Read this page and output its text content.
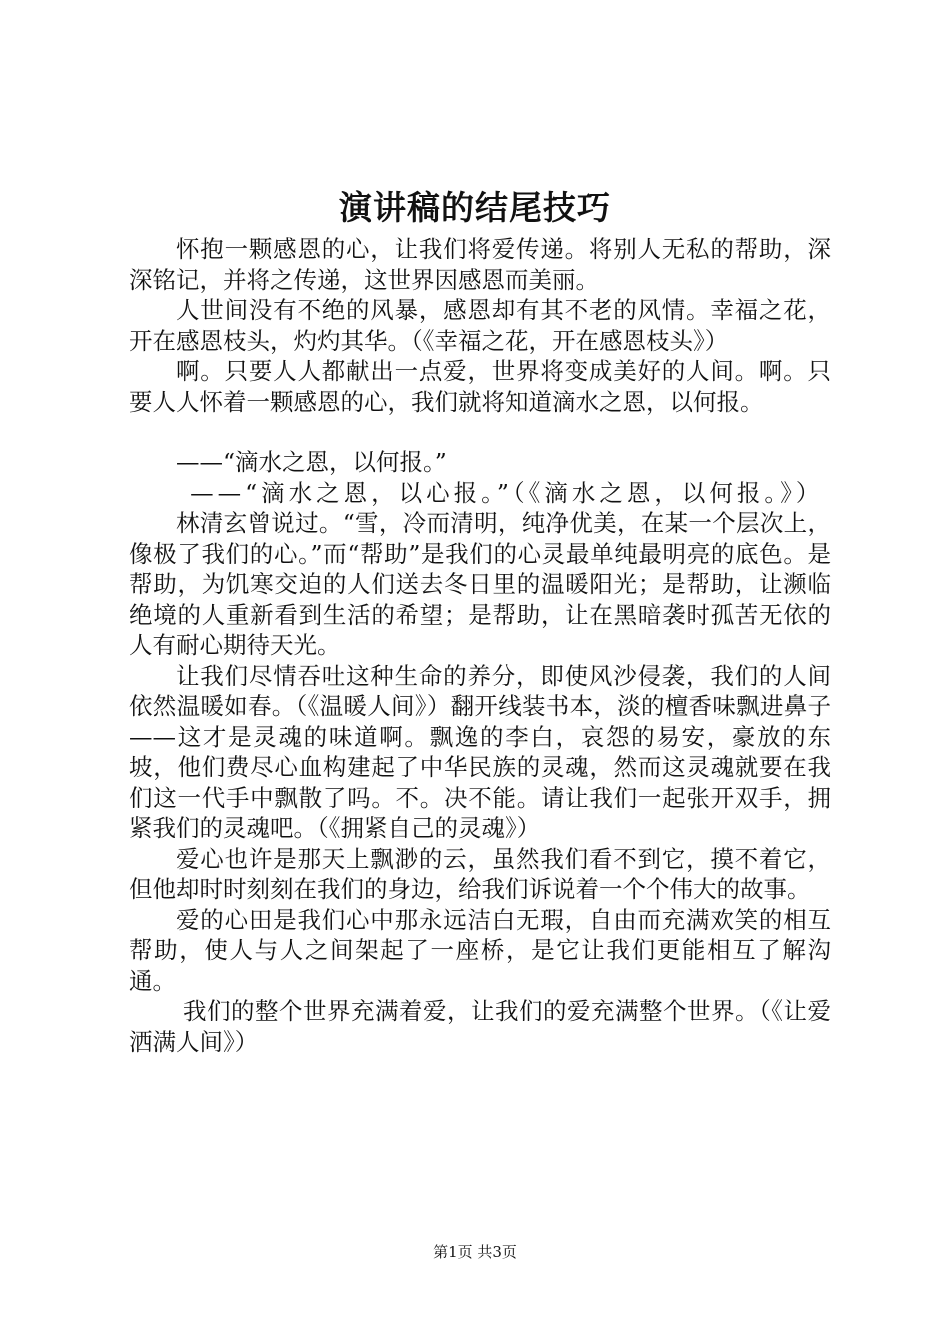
演讲稿的结尾技巧

怀抱一颗感恩的心，让我们将爱传递。将别人无私的帮助，深深铭记，并将之传递，这世界因感恩而美丽。

人世间没有不绝的风暴，感恩却有其不老的风情。幸福之花，开在感恩枝头，灼灼其华。（《幸福之花，开在感恩枝头》）

啊。只要人人都献出一点爱，世界将变成美好的人间。啊。只要人人怀着一颗感恩的心，我们就将知道滴水之恩，以何报。

——“滴水之恩，以何报。”

——“滴水之恩，以心报。”（《滴水之恩，以何报。》）

林清玄曾说过。“雪，冷而清明，纯净优美，在某一个层次上，像极了我们的心。”而“帮助”是我们的心灵最单纯最明亮的底色。是帮助，为饥寒交迫的人们送去冬日里的温暖阳光；是帮助，让濒临绝境的人重新看到生活的希望；是帮助，让在黑暗袭时孤苦无依的人有耐心期待天光。

让我们尽情吞吐这种生命的养分，即使风沙侵袭，我们的人间依然温暖如春。（《温暖人间》）翻开线装书本，淡的檀香味飘进鼻子——这才是灵魂的味道啊。飘逸的李白，哀怨的易安，豪放的东坡，他们费尽心血构建起了中华民族的灵魂，然而这灵魂就要在我们这一代手中飘散了吗。不。决不能。请让我们一起张开双手，拥紧我们的灵魂吧。（《拥紧自己的灵魂》）

爱心也许是那天上飘渺的云，虽然我们看不到它，摸不着它，但他却时时刻刻在我们的身边，给我们诉说着一个个伟大的故事。

爱的心田是我们心中那永远洁白无瑕，自由而充满欢笑的相互帮助，使人与人之间架起了一座桥，是它让我们更能相互了解沟通。

我们的整个世界充满着爱，让我们的爱充满整个世界。（《让爱洒满人间》）

第1页 共3页
